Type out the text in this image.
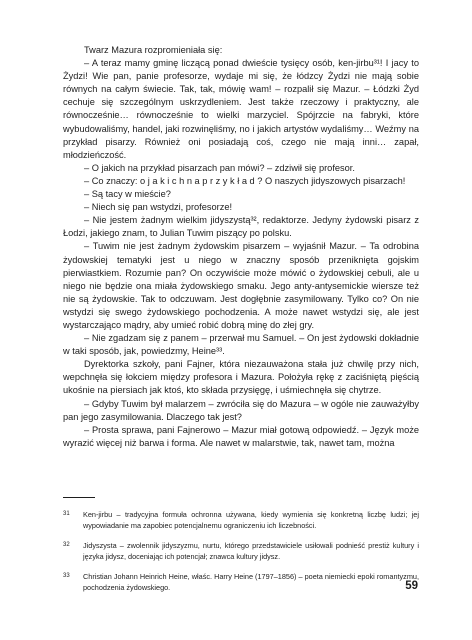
Twarz Mazura rozpromieniała się:

– A teraz mamy gminę liczącą ponad dwieście tysięcy osób, ken-jirbu³¹! I jacy to Żydzi! Wie pan, panie profesorze, wydaje mi się, że łódzcy Żydzi nie mają sobie równych na całym świecie. Tak, tak, mówię wam! – rozpalił się Mazur. – Łódzki Żyd cechuje się szczególnym uskrzydleniem. Jest także rzeczowy i praktyczny, ale równocześnie… równocześnie to wielki marzyciel. Spójrzcie na fabryki, które wybudowaliśmy, handel, jaki rozwinęliśmy, no i jakich artystów wydaliśmy… Weźmy na przykład pisarzy. Również oni posiadają coś, czego nie mają inni… zapał, młodzieńczość.

– O jakich na przykład pisarzach pan mówi? – zdziwił się profesor.

– Co znaczy: o j a k i c h n a p r z y k ł a d ? O naszych jidyszowych pisarzach!

– Są tacy w mieście?

– Niech się pan wstydzi, profesorze!

– Nie jestem żadnym wielkim jidyszystą³², redaktorze. Jedyny żydowski pisarz z Łodzi, jakiego znam, to Julian Tuwim piszący po polsku.

– Tuwim nie jest żadnym żydowskim pisarzem – wyjaśnił Mazur. – Ta odrobina żydowskiej tematyki jest u niego w znaczny sposób przeniknięta gojskim pierwiastkiem. Rozumie pan? On oczywiście może mówić o żydowskiej cebuli, ale u niego nie będzie ona miała żydowskiego smaku. Jego anty-antysemickie wiersze też nie są żydowskie. Tak to odczuwam. Jest dogłębnie zasymilowany. Tylko co? On nie wstydzi się swego żydowskiego pochodzenia. A może nawet wstydzi się, ale jest wystarczająco mądry, aby umieć robić dobrą minę do złej gry.

– Nie zgadzam się z panem – przerwał mu Samuel. – On jest żydowski dokładnie w taki sposób, jak, powiedzmy, Heine³³.

Dyrektorka szkoły, pani Fajner, która niezauważona stała już chwilę przy nich, wepchnęła się łokciem między profesora i Mazura. Położyła rękę z zaciśniętą pięścią ukośnie na piersiach jak ktoś, kto składa przysięgę, i uśmiechnęła się chytrze.

– Gdyby Tuwim był malarzem – zwróciła się do Mazura – w ogóle nie zauważyłby pan jego zasymilowania. Dlaczego tak jest?

– Prosta sprawa, pani Fajnerowo – Mazur miał gotową odpowiedź. – Język może wyrazić więcej niż barwa i forma. Ale nawet w malarstwie, tak, nawet tam, można

31 Ken-jirbu – tradycyjna formuła ochronna używana, kiedy wymienia się konkretną liczbę ludzi; jej wypowiadanie ma zapobiec potencjalnemu ograniczeniu ich liczebności.
32 Jidyszysta – zwolennik jidyszyzmu, nurtu, którego przedstawiciele usiłowali podnieść prestiż kultury i języka jidysz, doceniając ich potencjał; znawca kultury jidysz.
33 Christian Johann Heinrich Heine, właśc. Harry Heine (1797–1856) – poeta niemiecki epoki romantyzmu, pochodzenia żydowskiego.	59
